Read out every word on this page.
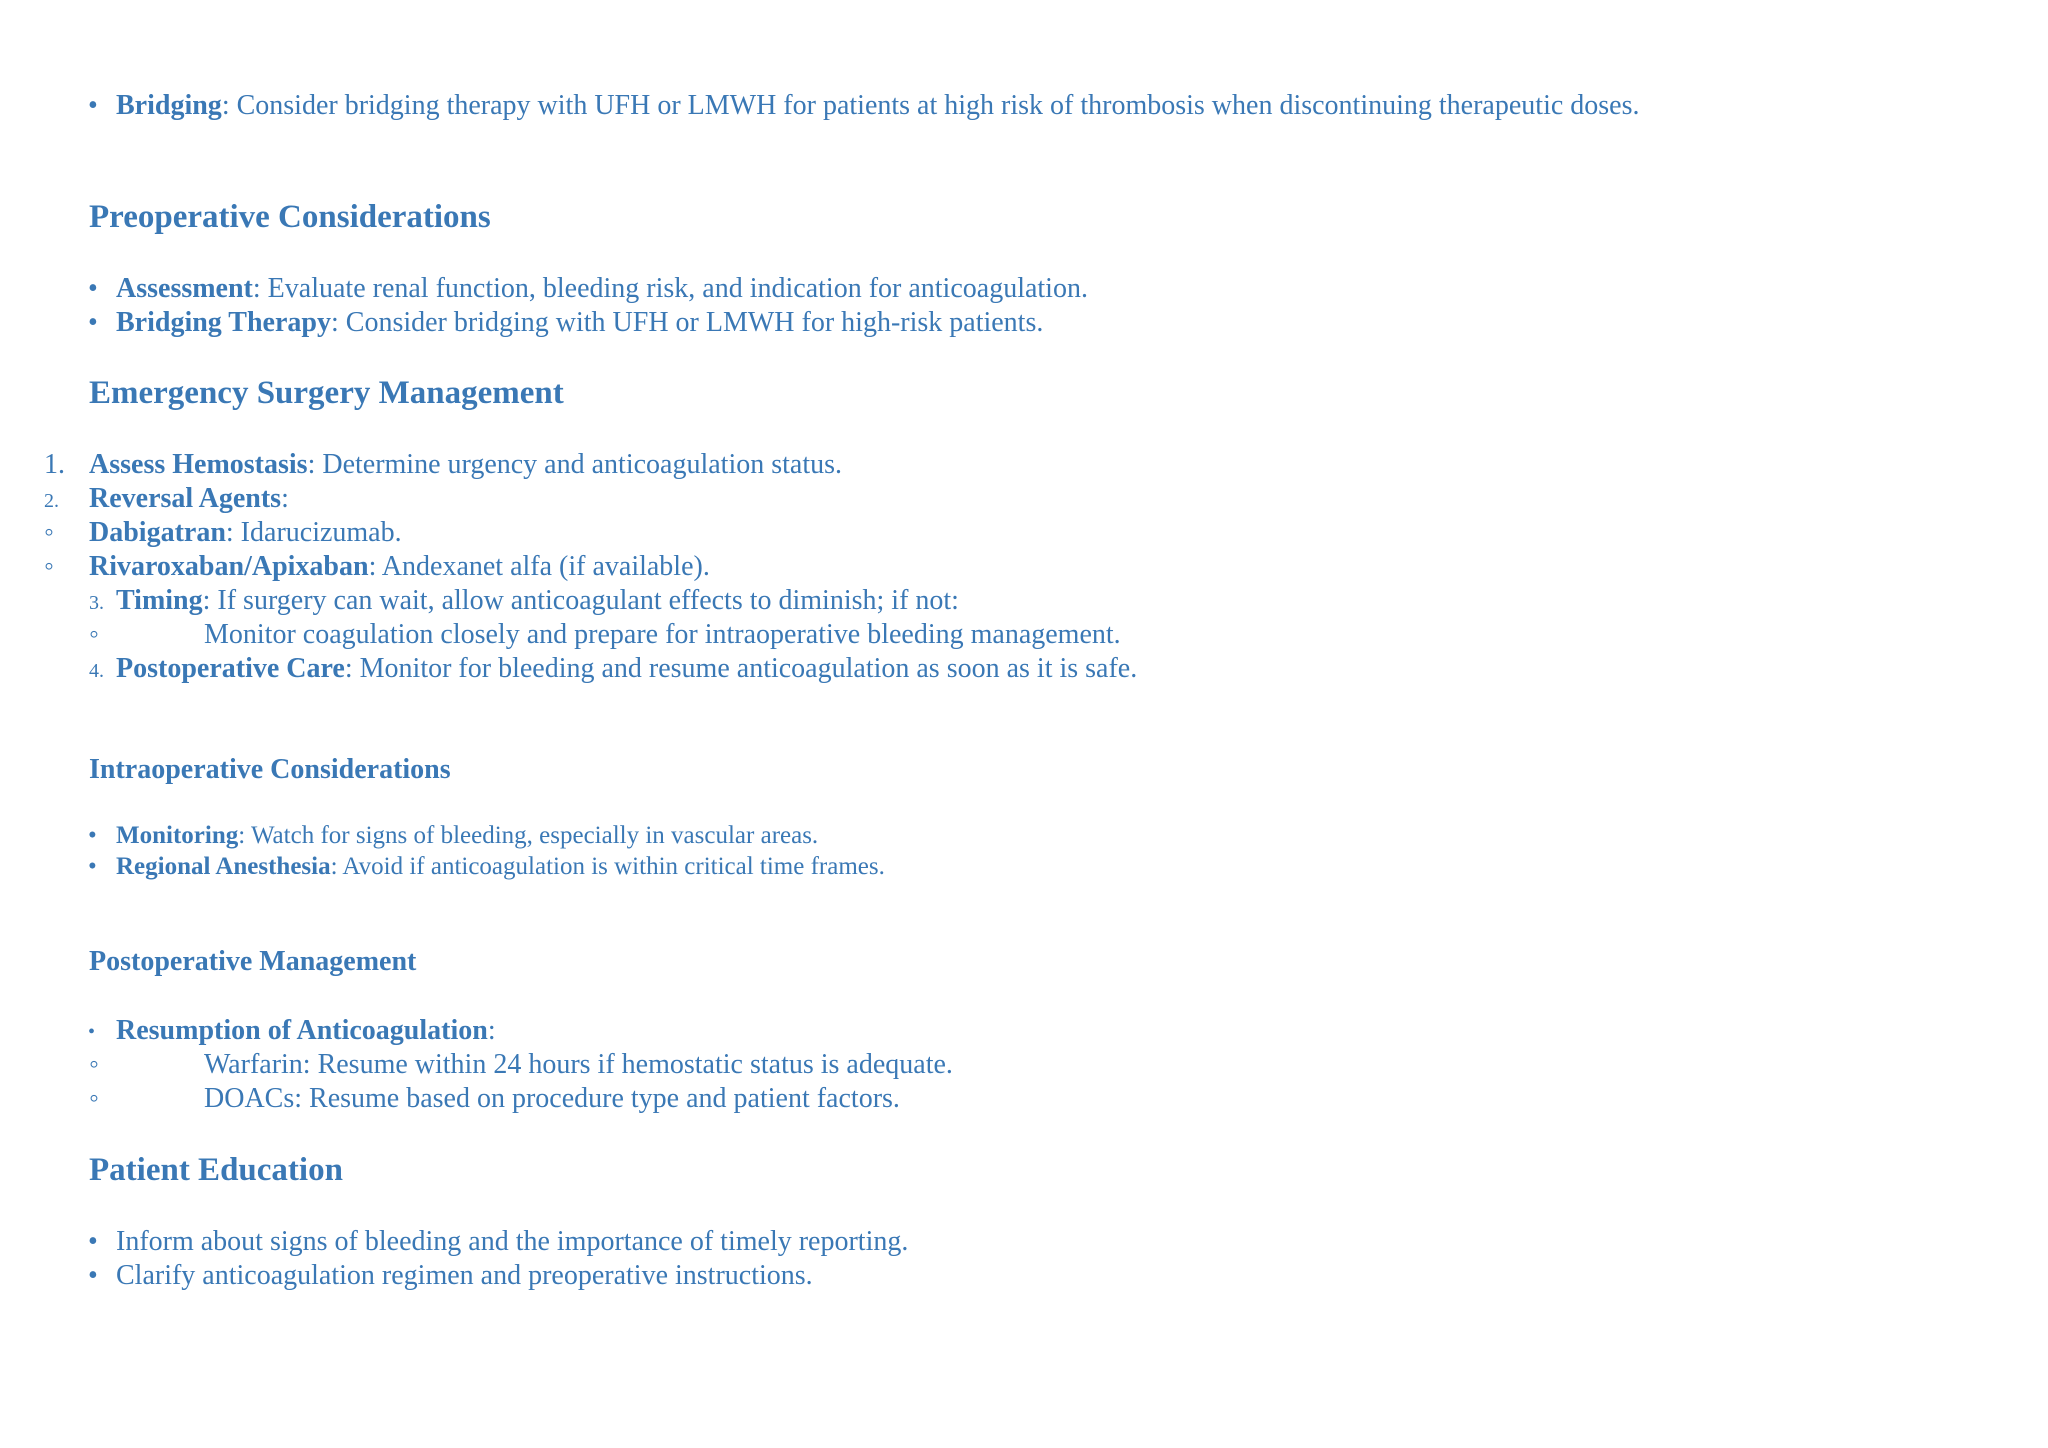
• Bridging: Consider bridging therapy with UFH or LMWH for patients at high risk of thrombosis when discontinuing therapeutic doses.
Preoperative Considerations
• Assessment: Evaluate renal function, bleeding risk, and indication for anticoagulation.
• Bridging Therapy: Consider bridging with UFH or LMWH for high-risk patients.
Emergency Surgery Management
1. Assess Hemostasis: Determine urgency and anticoagulation status.
2. Reversal Agents:
◦ Dabigatran: Idarucizumab.
◦ Rivaroxaban/Apixaban: Andexanet alfa (if available).
3. Timing: If surgery can wait, allow anticoagulant effects to diminish; if not:
◦	Monitor coagulation closely and prepare for intraoperative bleeding management.
4. Postoperative Care: Monitor for bleeding and resume anticoagulation as soon as it is safe.
Intraoperative Considerations
• Monitoring: Watch for signs of bleeding, especially in vascular areas.
• Regional Anesthesia: Avoid if anticoagulation is within critical time frames.
Postoperative Management
• Resumption of Anticoagulation:
◦	Warfarin: Resume within 24 hours if hemostatic status is adequate.
◦	DOACs: Resume based on procedure type and patient factors.
Patient Education
• Inform about signs of bleeding and the importance of timely reporting.
• Clarify anticoagulation regimen and preoperative instructions.
